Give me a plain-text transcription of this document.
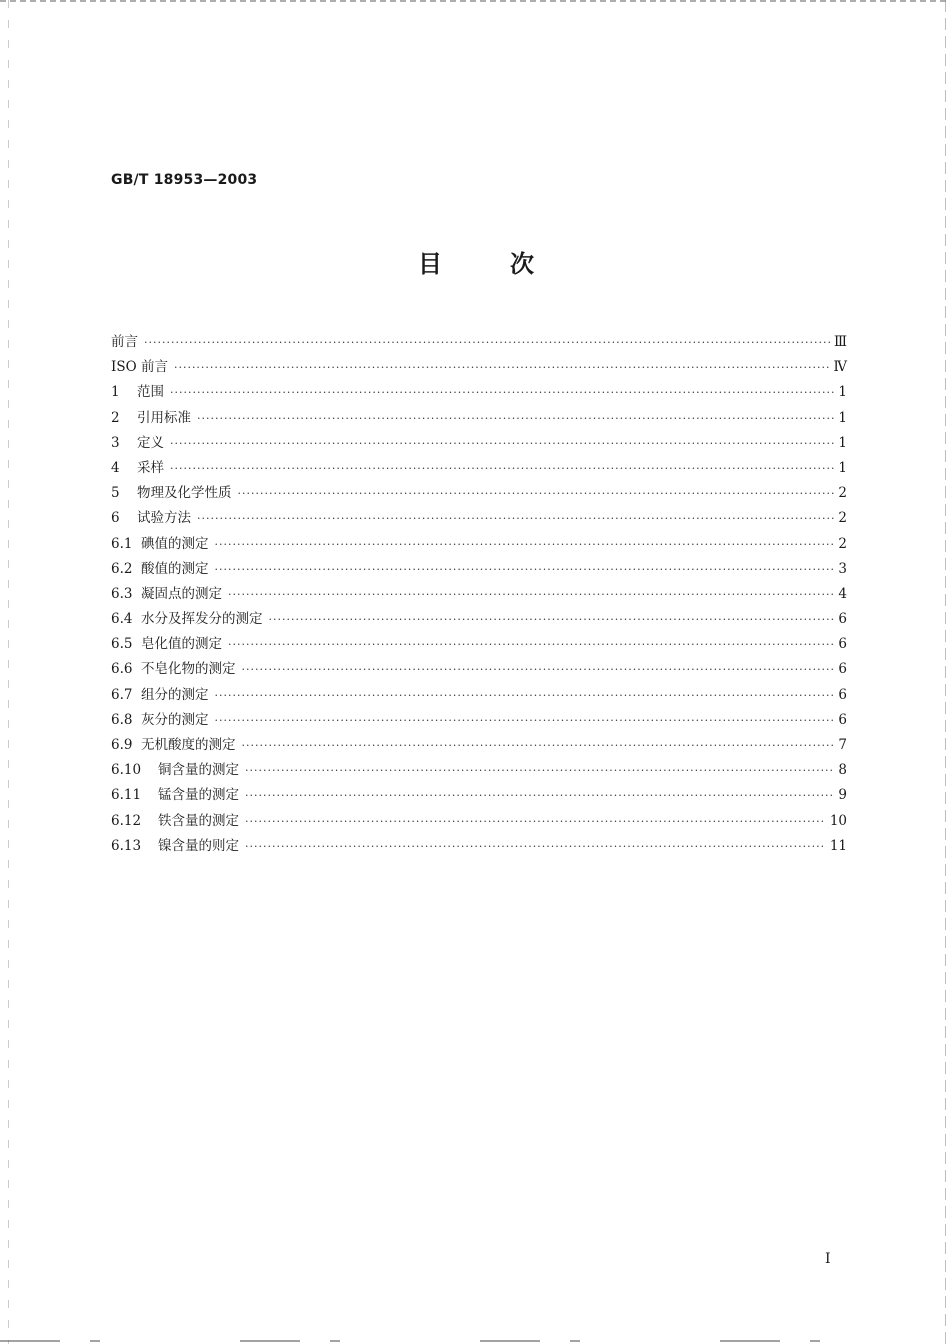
GB/T 18953—2003
目	次
前言 ·····	Ⅲ
ISO 前言 ·····	Ⅳ
1	范围 ·····	1
2	引用标准 ·····	1
3	定义 ·····	1
4	采样 ·····	1
5	物理及化学性质 ·····	2
6	试验方法 ·····	2
6.1 碘值的测定 ·····	2
6.2 酸值的测定 ·····	3
6.3 凝固点的测定 ·····	4
6.4 水分及挥发分的测定 ·····	6
6.5 皂化值的测定 ·····	6
6.6 不皂化物的测定 ·····	6
6.7 组分的测定 ·····	6
6.8 灰分的测定 ·····	6
6.9 无机酸度的测定 ·····	7
6.10	铜含量的测定 ·····	8
6.11	锰含量的测定 ·····	9
6.12	铁含量的测定 ·····	10
6.13	镍含量的则定 ·····	11
I
